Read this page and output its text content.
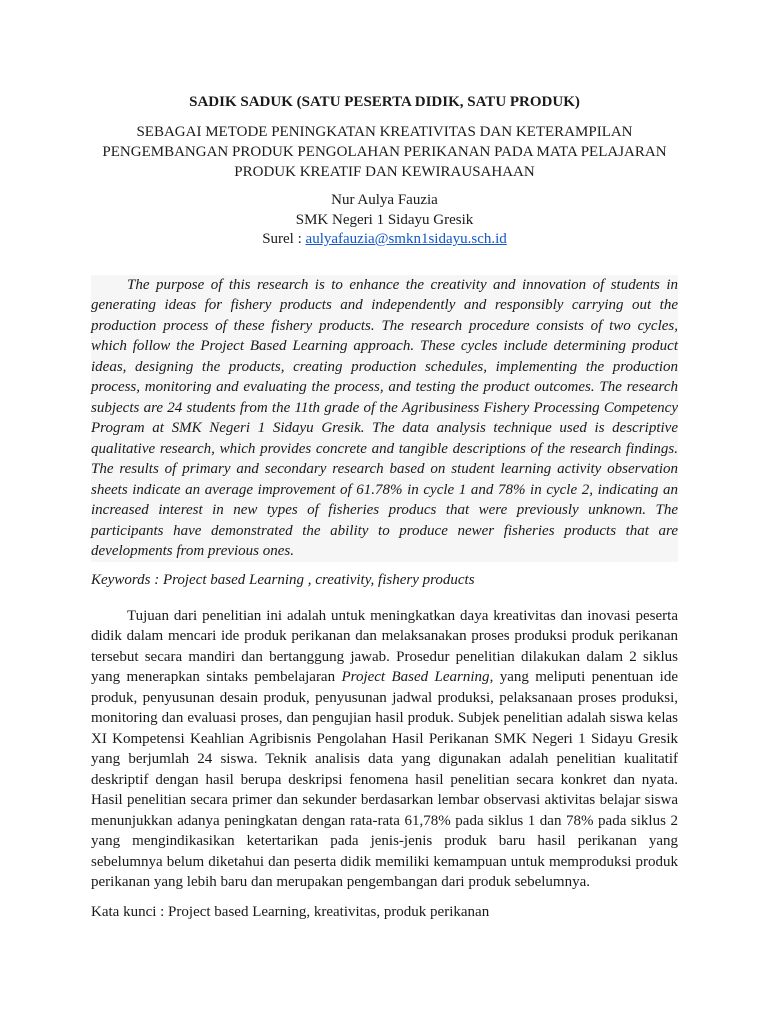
SADIK SADUK (SATU PESERTA DIDIK, SATU PRODUK)
SEBAGAI METODE PENINGKATAN KREATIVITAS DAN KETERAMPILAN
PENGEMBANGAN PRODUK PENGOLAHAN PERIKANAN PADA MATA PELAJARAN
PRODUK KREATIF DAN KEWIRAUSAHAAN
Nur Aulya Fauzia
SMK Negeri 1 Sidayu Gresik
Surel : aulyafauzia@smkn1sidayu.sch.id

The purpose of this research is to enhance the creativity and innovation of students in generating ideas for fishery products and independently and responsibly carrying out the production process of these fishery products. The research procedure consists of two cycles, which follow the Project Based Learning approach. These cycles include determining product ideas, designing the products, creating production schedules, implementing the production process, monitoring and evaluating the process, and testing the product outcomes. The research subjects are 24 students from the 11th grade of the Agribusiness Fishery Processing Competency Program at SMK Negeri 1 Sidayu Gresik. The data analysis technique used is descriptive qualitative research, which provides concrete and tangible descriptions of the research findings. The results of primary and secondary research based on student learning activity observation sheets indicate an average improvement of 61.78% in cycle 1 and 78% in cycle 2, indicating an increased interest in new types of fisheries producs that were previously unknown. The participants have demonstrated the ability to produce newer fisheries products that are developments from previous ones.

Keywords : Project based Learning , creativity, fishery products

Tujuan dari penelitian ini adalah untuk meningkatkan daya kreativitas dan inovasi peserta didik dalam mencari ide produk perikanan dan melaksanakan proses produksi produk perikanan tersebut secara mandiri dan bertanggung jawab. Prosedur penelitian dilakukan dalam 2 siklus yang menerapkan sintaks pembelajaran Project Based Learning, yang meliputi penentuan ide produk, penyusunan desain produk, penyusunan jadwal produksi, pelaksanaan proses produksi, monitoring dan evaluasi proses, dan pengujian hasil produk. Subjek penelitian adalah siswa kelas XI Kompetensi Keahlian Agribisnis Pengolahan Hasil Perikanan SMK Negeri 1 Sidayu Gresik yang berjumlah 24 siswa. Teknik analisis data yang digunakan adalah penelitian kualitatif deskriptif dengan hasil berupa deskripsi fenomena hasil penelitian secara konkret dan nyata. Hasil penelitian secara primer dan sekunder berdasarkan lembar observasi aktivitas belajar siswa menunjukkan adanya peningkatan dengan rata-rata 61,78% pada siklus 1 dan 78% pada siklus 2 yang mengindikasikan ketertarikan pada jenis-jenis produk baru hasil perikanan yang sebelumnya belum diketahui dan peserta didik memiliki kemampuan untuk memproduksi produk perikanan yang lebih baru dan merupakan pengembangan dari produk sebelumnya.

Kata kunci : Project based Learning, kreativitas, produk perikanan
